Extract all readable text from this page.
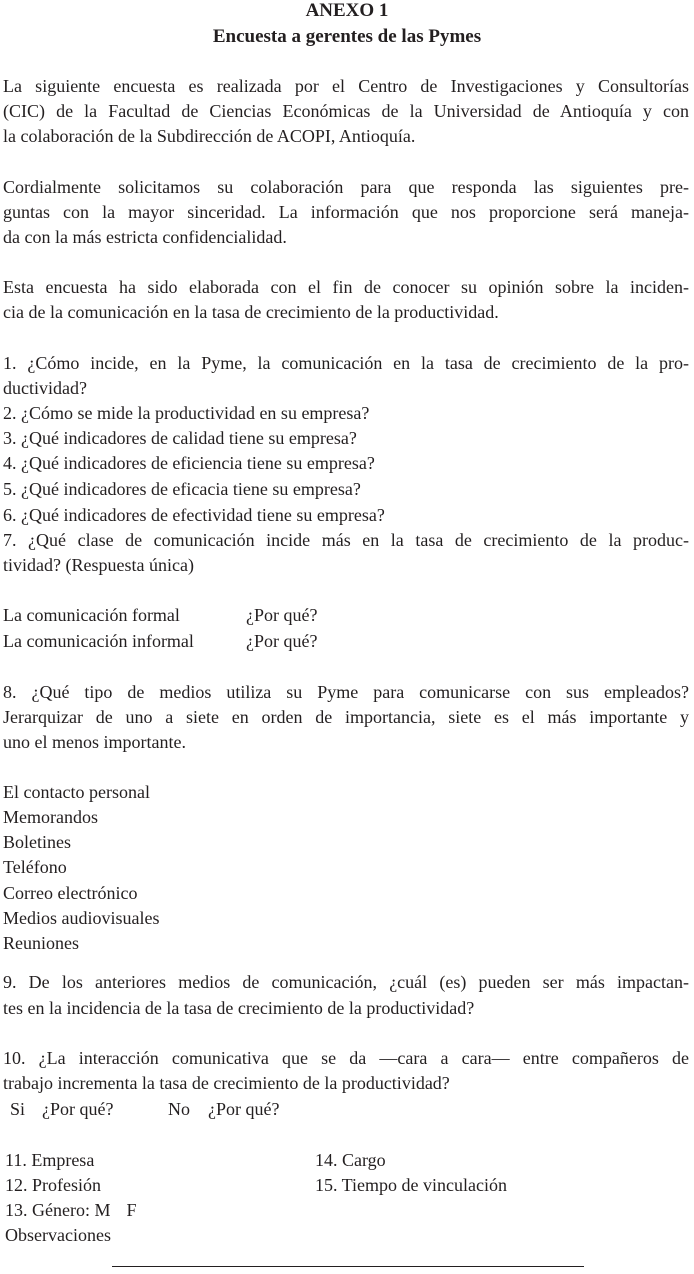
ANEXO 1
Encuesta a gerentes de las Pymes
La siguiente encuesta es realizada por el Centro de Investigaciones y Consultorías
(CIC) de la Facultad de Ciencias Económicas de la Universidad de Antioquía y con
la colaboración de la Subdirección de ACOPI, Antioquía.
Cordialmente solicitamos su colaboración para que responda las siguientes pre-
guntas con la mayor sinceridad. La información que nos proporcione será maneja-
da con la más estricta confidencialidad.
Esta encuesta ha sido elaborada con el fin de conocer su opinión sobre la inciden-
cia de la comunicación en la tasa de crecimiento de la productividad.
1. ¿Cómo incide, en la Pyme, la comunicación en la tasa de crecimiento de la pro-
ductividad?
2. ¿Cómo se mide la productividad en su empresa?
3. ¿Qué indicadores de calidad tiene su empresa?
4. ¿Qué indicadores de eficiencia tiene su empresa?
5. ¿Qué indicadores de eficacia tiene su empresa?
6. ¿Qué indicadores de efectividad tiene su empresa?
7. ¿Qué clase de comunicación incide más en la tasa de crecimiento de la produc-
tividad? (Respuesta única)
La comunicación formal	¿Por qué?
La comunicación informal	¿Por qué?
8. ¿Qué tipo de medios utiliza su Pyme para comunicarse con sus empleados?
Jerarquizar de uno a siete en orden de importancia, siete es el más importante y
uno el menos importante.
El contacto personal
Memorandos
Boletines
Teléfono
Correo electrónico
Medios audiovisuales
Reuniones
9. De los anteriores medios de comunicación, ¿cuál (es) pueden ser más impactan-
tes en la incidencia de la tasa de crecimiento de la productividad?
10. ¿La interacción comunicativa que se da —cara a cara— entre compañeros de
trabajo incrementa la tasa de crecimiento de la productividad?
Si ¿Por qué?	No ¿Por qué?
11. Empresa	14. Cargo
12. Profesión	15. Tiempo de vinculación
13. Género: M F
Observaciones
